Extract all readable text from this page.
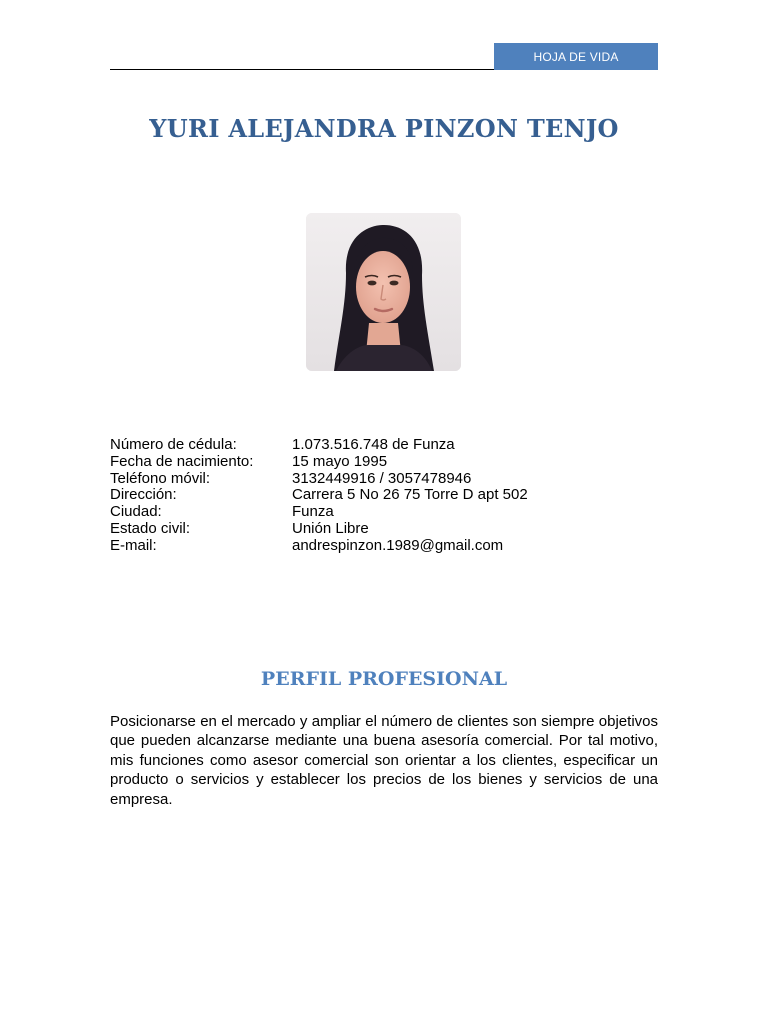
HOJA DE VIDA
YURI ALEJANDRA PINZON TENJO
Número de cédula:	1.073.516.748 de Funza
Fecha de nacimiento:	15 mayo 1995
Teléfono móvil:	3132449916 / 3057478946
Dirección:	Carrera 5 No 26 75 Torre D apt 502
Ciudad:	Funza
Estado civil:	Unión Libre
E-mail:	andrespinzon.1989@gmail.com
PERFIL PROFESIONAL

Posicionarse en el mercado y ampliar el número de clientes son siempre objetivos que pueden alcanzarse mediante una buena asesoría comercial. Por tal motivo, mis funciones como asesor comercial son orientar a los clientes, especificar un producto o servicios y establecer los precios de los bienes y servicios de una empresa.
